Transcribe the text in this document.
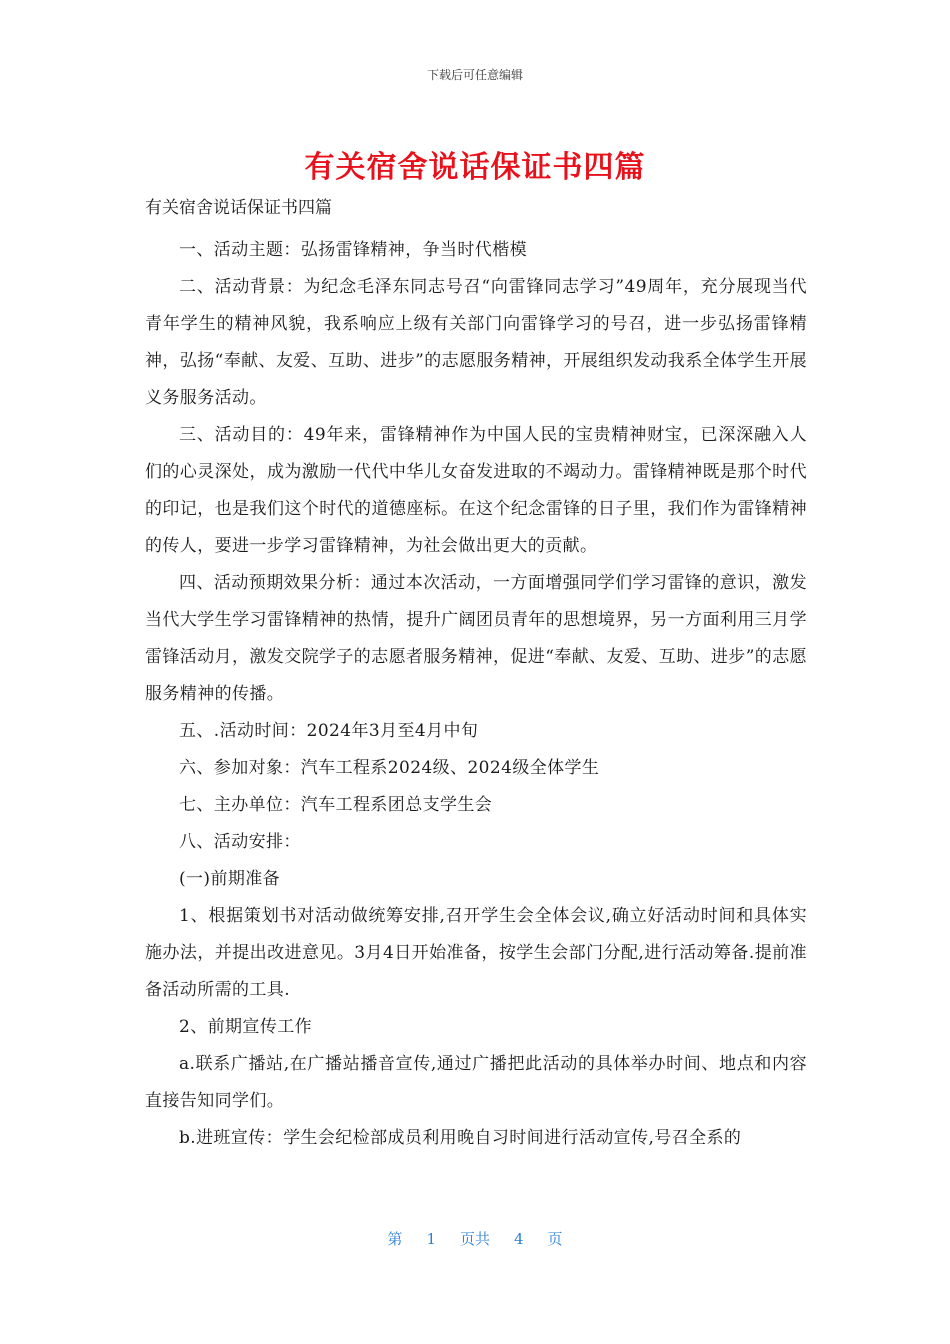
下载后可任意编辑
有关宿舍说话保证书四篇

有关宿舍说话保证书四篇

一、活动主题：弘扬雷锋精神，争当时代楷模

二、活动背景：为纪念毛泽东同志号召“向雷锋同志学习”49周年，充分展现当代青年学生的精神风貌，我系响应上级有关部门向雷锋学习的号召，进一步弘扬雷锋精神，弘扬“奉献、友爱、互助、进步”的志愿服务精神，开展组织发动我系全体学生开展义务服务活动。

三、活动目的：49年来，雷锋精神作为中国人民的宝贵精神财宝，已深深融入人们的心灵深处，成为激励一代代中华儿女奋发进取的不竭动力。雷锋精神既是那个时代的印记，也是我们这个时代的道德座标。在这个纪念雷锋的日子里，我们作为雷锋精神的传人，要进一步学习雷锋精神，为社会做出更大的贡献。

四、活动预期效果分析：通过本次活动，一方面增强同学们学习雷锋的意识，激发当代大学生学习雷锋精神的热情，提升广阔团员青年的思想境界，另一方面利用三月学雷锋活动月，激发交院学子的志愿者服务精神，促进“奉献、友爱、互助、进步”的志愿服务精神的传播。

五、.活动时间：2024年3月至4月中旬

六、参加对象：汽车工程系2024级、2024级全体学生

七、主办单位：汽车工程系团总支学生会

八、活动安排：

(一)前期准备

1、根据策划书对活动做统筹安排,召开学生会全体会议,确立好活动时间和具体实施办法，并提出改进意见。3月4日开始准备，按学生会部门分配,进行活动筹备.提前准备活动所需的工具.

2、前期宣传工作

a.联系广播站,在广播站播音宣传,通过广播把此活动的具体举办时间、地点和内容直接告知同学们。

b.进班宣传：学生会纪检部成员利用晚自习时间进行活动宣传,号召全系的

第 1 页共 4 页
